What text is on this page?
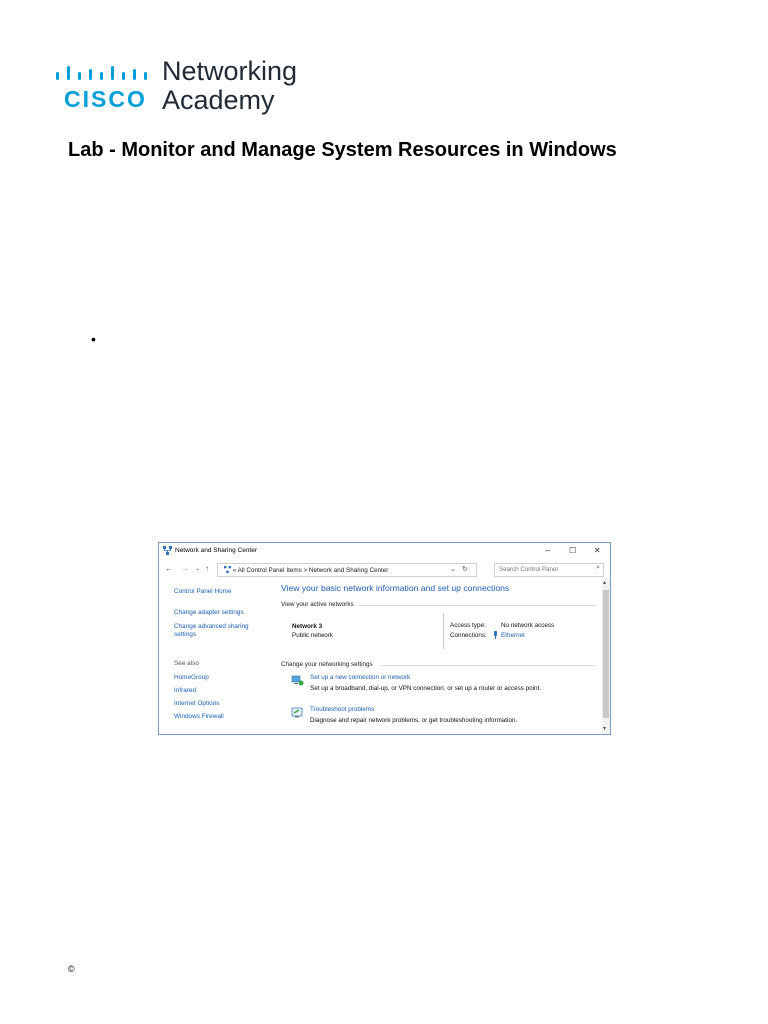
CISCO
Networking
Academy
Lab - Monitor and Manage System Resources in Windows
•
Network and Sharing Center	– ☐ ✕
← → ⌄ ↑	« All Control Panel Items > Network and Sharing Center	⌄ ↻	Search Control Panel	⌕
Control Panel Home
Change adapter settings
Change advanced sharing
settings
See also
HomeGroup
Infrared
Internet Options
Windows Firewall
View your basic network information and set up connections
View your active networks
Network 3
Public network
Access type: No network access
Connections: Ethernet
Change your networking settings
Set up a new connection or network
Set up a broadband, dial-up, or VPN connection; or set up a router or access point.
Troubleshoot problems
Diagnose and repair network problems, or get troubleshooting information.
▴
▾
©
